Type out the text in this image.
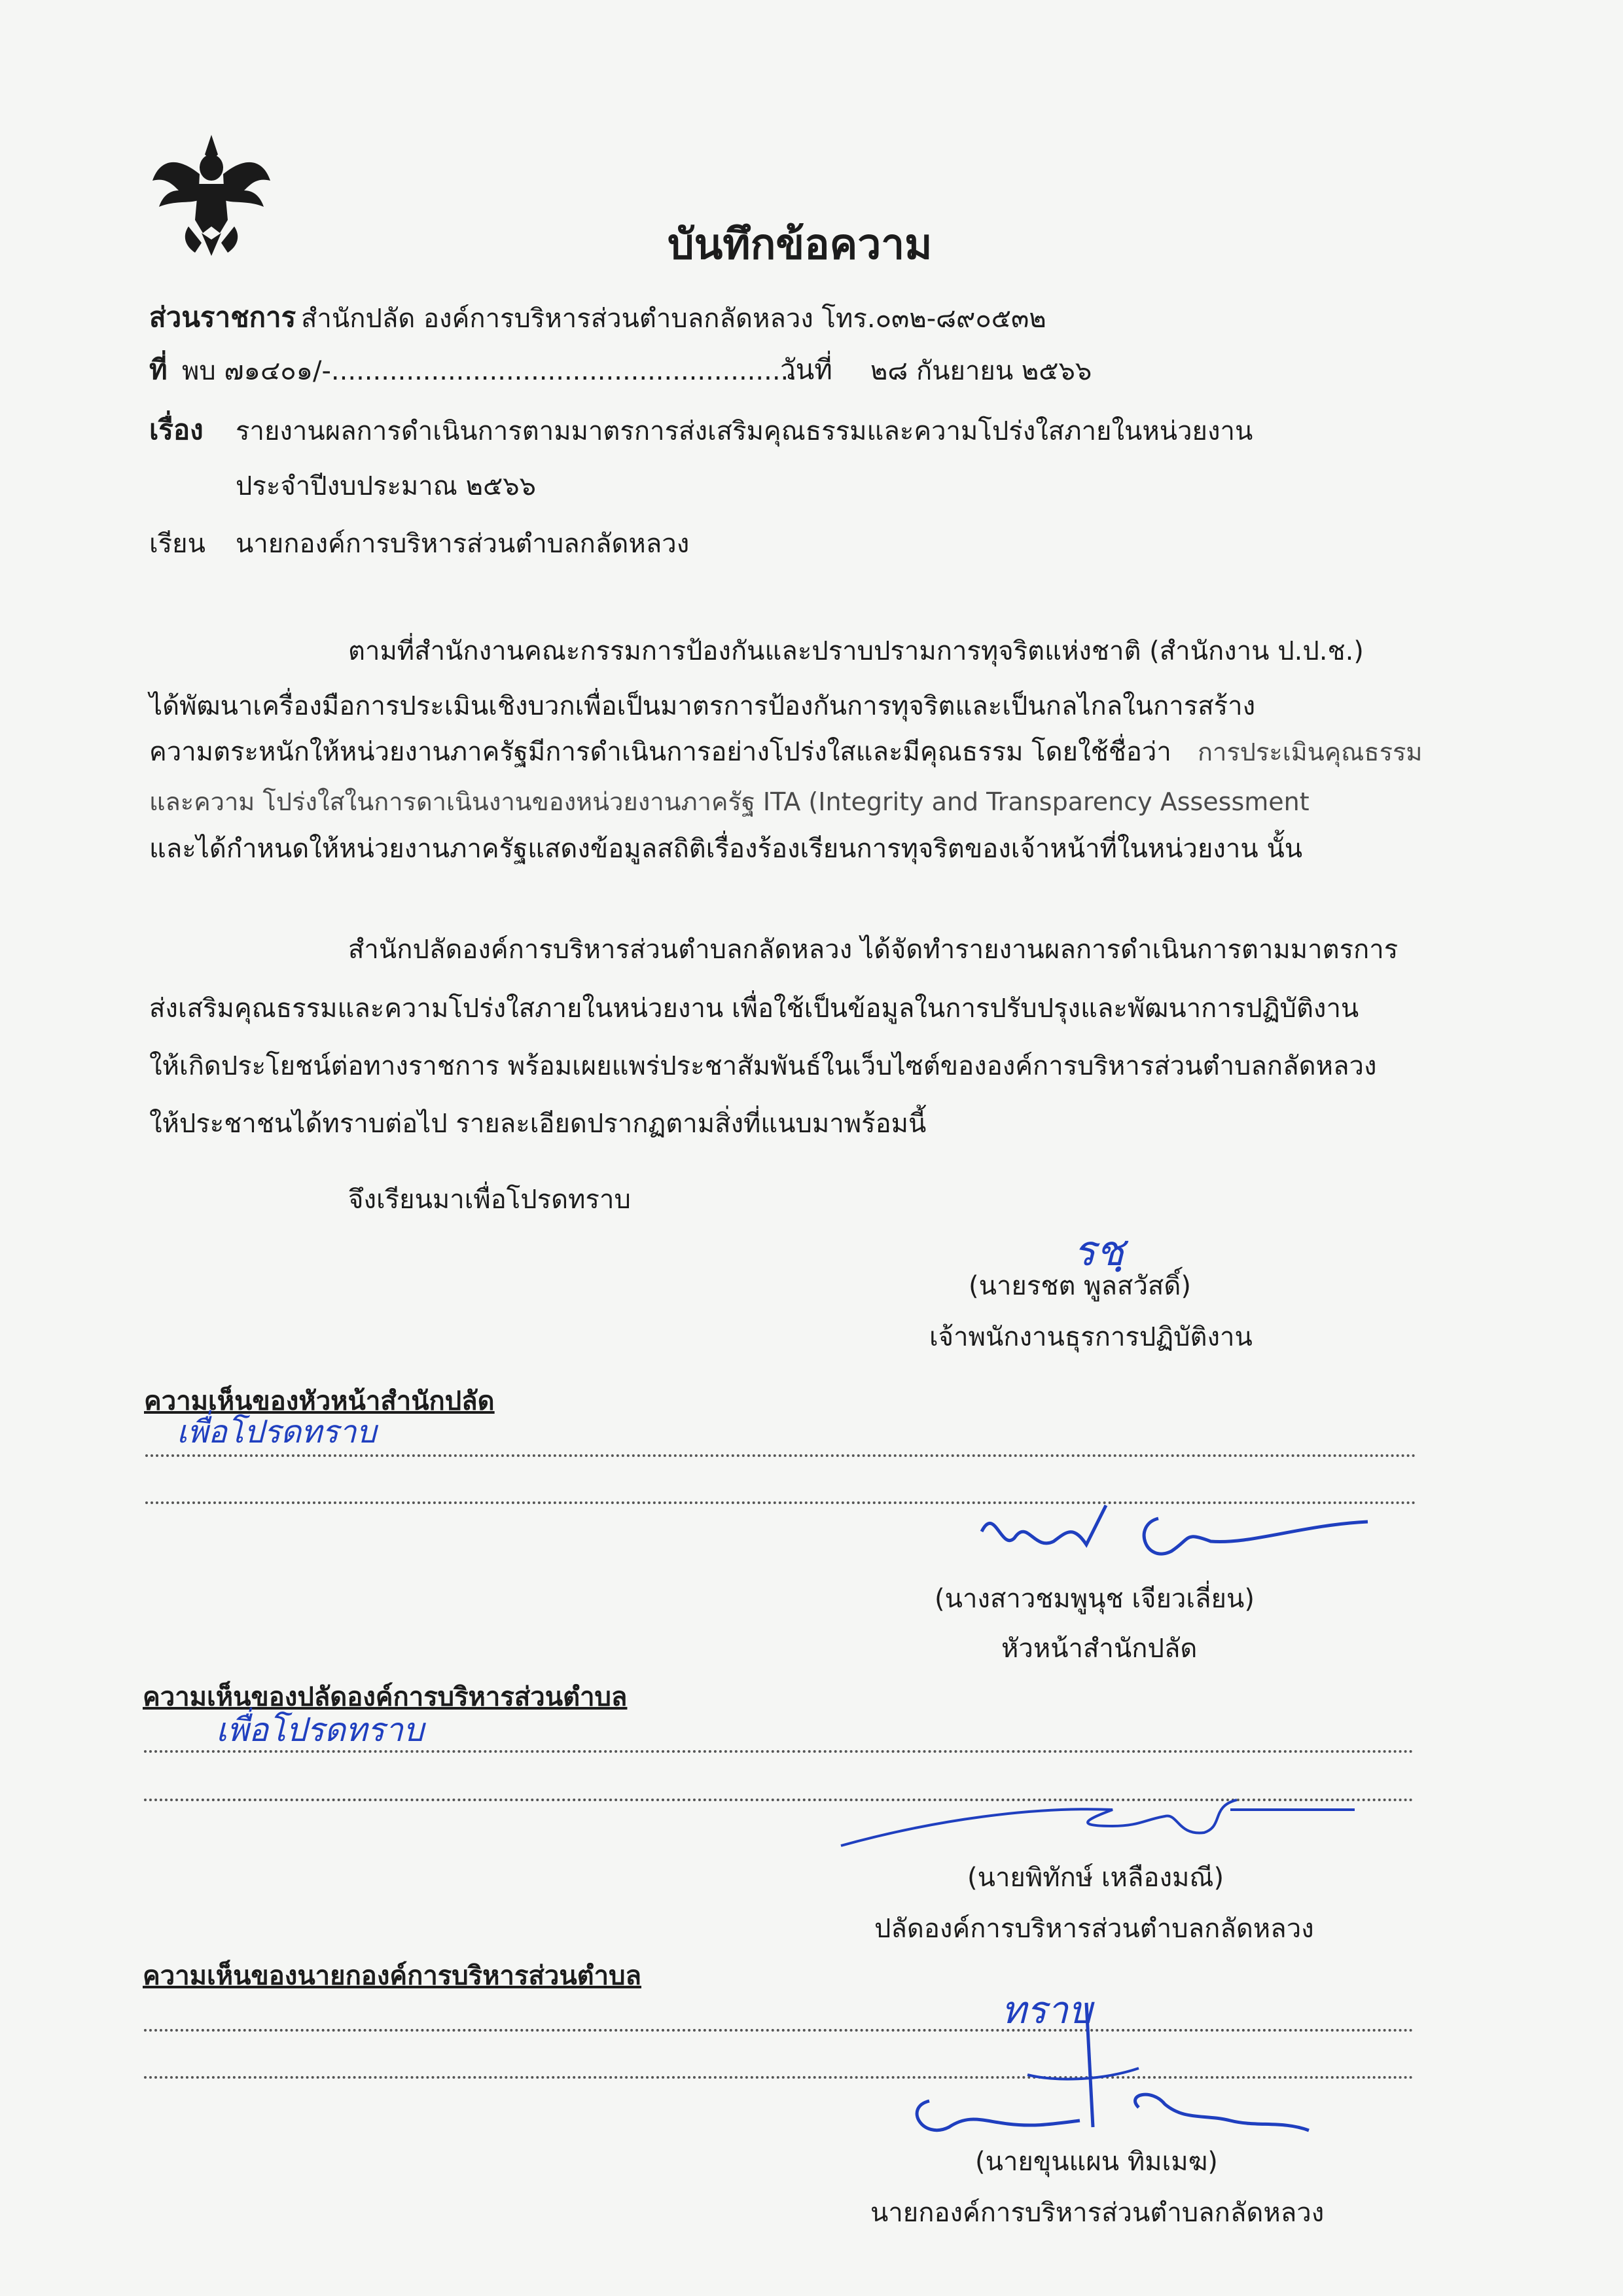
บันทึกข้อความ
ส่วนราชการ สำนักปลัด องค์การบริหารส่วนตำบลกลัดหลวง โทร.๐๓๒-๘๙๐๕๓๒
ที่ พบ ๗๑๔๐๑/-........................................................
วันที่ ๒๘ กันยายน ๒๕๖๖
เรื่อง รายงานผลการดำเนินการตามมาตรการส่งเสริมคุณธรรมและความโปร่งใสภายในหน่วยงาน
ประจำปีงบประมาณ ๒๕๖๖
เรียน นายกองค์การบริหารส่วนตำบลกลัดหลวง
ตามที่สำนักงานคณะกรรมการป้องกันและปราบปรามการทุจริตแห่งชาติ (สำนักงาน ป.ป.ช.)
ได้พัฒนาเครื่องมือการประเมินเชิงบวกเพื่อเป็นมาตรการป้องกันการทุจริตและเป็นกลไกลในการสร้าง
ความตระหนักให้หน่วยงานภาครัฐมีการดำเนินการอย่างโปร่งใสและมีคุณธรรม โดยใช้ชื่อว่า การประเมินคุณธรรม
และความ โปร่งใสในการดาเนินงานของหน่วยงานภาครัฐ ITA (Integrity and Transparency Assessment
และได้กำหนดให้หน่วยงานภาครัฐแสดงข้อมูลสถิติเรื่องร้องเรียนการทุจริตของเจ้าหน้าที่ในหน่วยงาน นั้น
สำนักปลัดองค์การบริหารส่วนตำบลกลัดหลวง ได้จัดทำรายงานผลการดำเนินการตามมาตรการ
ส่งเสริมคุณธรรมและความโปร่งใสภายในหน่วยงาน เพื่อใช้เป็นข้อมูลในการปรับปรุงและพัฒนาการปฏิบัติงาน
ให้เกิดประโยชน์ต่อทางราชการ พร้อมเผยแพร่ประชาสัมพันธ์ในเว็บไซต์ขององค์การบริหารส่วนตำบลกลัดหลวง
ให้ประชาชนได้ทราบต่อไป รายละเอียดปรากฏตามสิ่งที่แนบมาพร้อมนี้
จึงเรียนมาเพื่อโปรดทราบ
รชฺ
(นายรชต พูลสวัสดิ์)
เจ้าพนักงานธุรการปฏิบัติงาน
ความเห็นของหัวหน้าสำนักปลัด
เพื่อโปรดทราบ
(นางสาวชมพูนุช เจียวเลี่ยน)
หัวหน้าสำนักปลัด
ความเห็นของปลัดองค์การบริหารส่วนตำบล
เพื่อโปรดทราบ
(นายพิทักษ์ เหลืองมณี)
ปลัดองค์การบริหารส่วนตำบลกลัดหลวง
ความเห็นของนายกองค์การบริหารส่วนตำบล
ทราบ
(นายขุนแผน ทิมเมฆ)
นายกองค์การบริหารส่วนตำบลกลัดหลวง
